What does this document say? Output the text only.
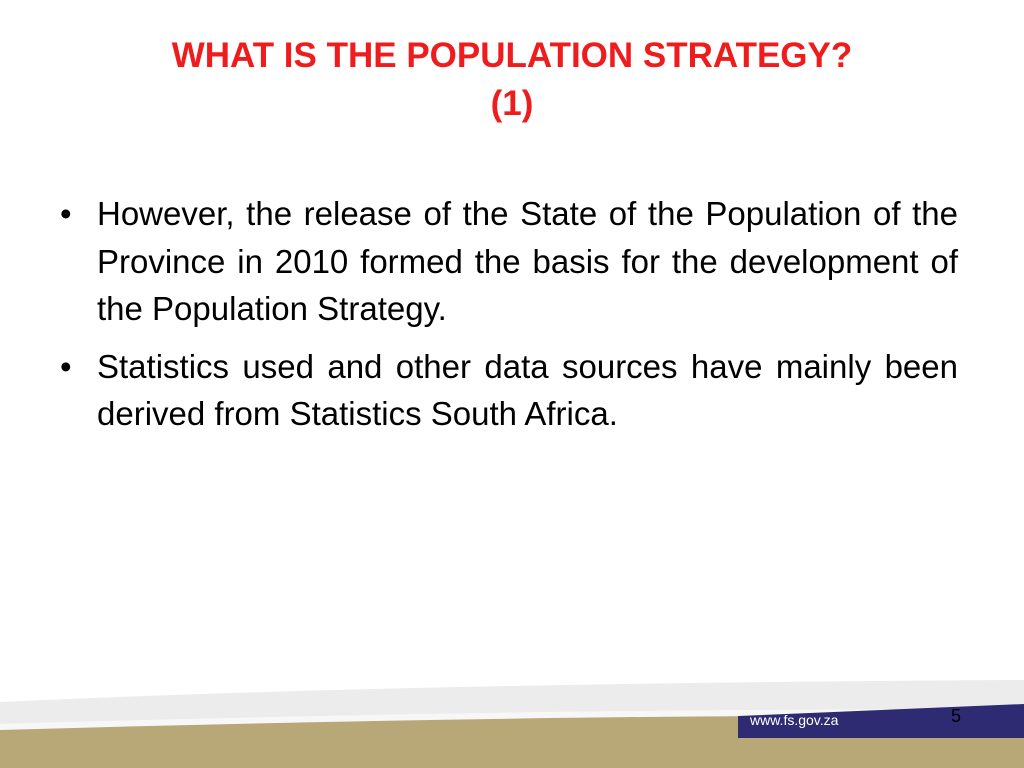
WHAT IS THE POPULATION STRATEGY?
(1)
• However, the release of the State of the Population of the Province in 2010 formed the basis for the development of the Population Strategy.
• Statistics used and other data sources have mainly been derived from Statistics South Africa.
www.fs.gov.za	5
